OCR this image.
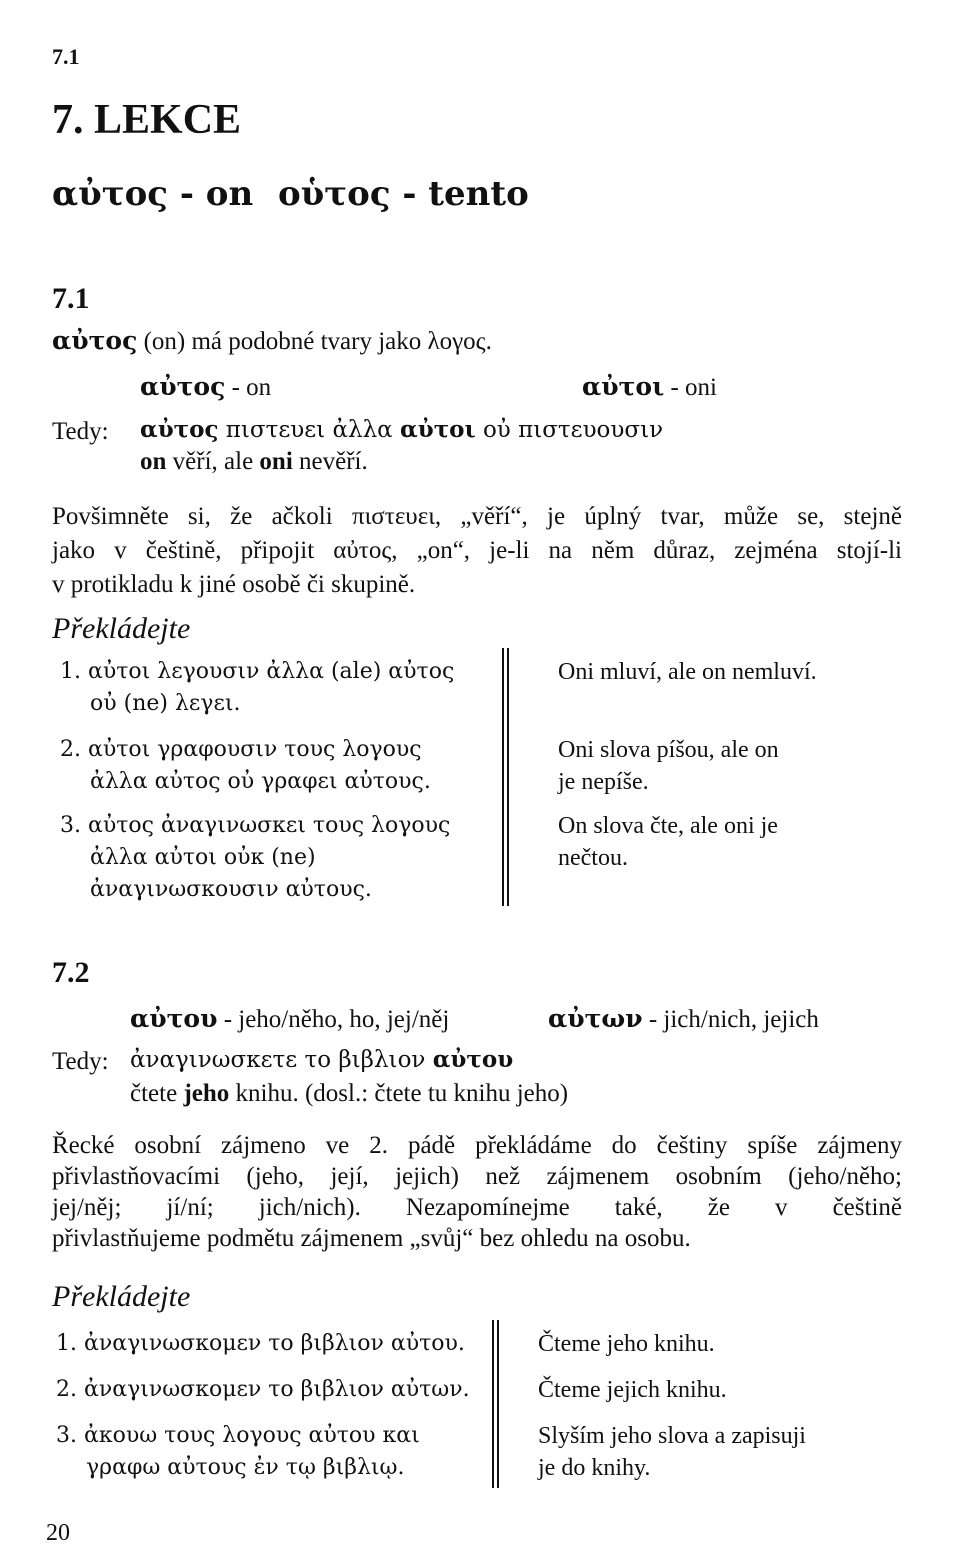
7.1
7. LEKCE
αὐτος - on οὑτος - tento
7.1
αὐτος (on) má podobné tvary jako λογος.
αὐτος - on	αὐτοι - oni
Tedy: αὐτος πιστευει ἀλλα αὐτοι οὐ πιστευουσιν
on věří, ale oni nevěří.
Povšimněte si, že ačkoli πιστευει, „věří“, je úplný tvar, může se, stejně
jako v češtině, připojit αὐτος, „on“, je-li na něm důraz, zejména stojí-li
v protikladu k jiné osobě či skupině.
Překládejte
1. αὐτοι λεγουσιν ἀλλα (ale) αὐτος
οὐ (ne) λεγει.
2. αὐτοι γραφουσιν τους λογους
ἀλλα αὐτος οὐ γραφει αὐτους.
3. αὐτος ἀναγινωσκει τους λογους
ἀλλα αὐτοι οὐκ (ne)
ἀναγινωσκουσιν αὐτους.
Oni mluví, ale on nemluví.
Oni slova píšou, ale on
je nepíše.
On slova čte, ale oni je
nečtou.
7.2
αὐτου - jeho/něho, ho, jej/něj	αὐτων - jich/nich, jejich
Tedy: ἀναγινωσκετε το βιβλιον αὐτου
čtete jeho knihu. (dosl.: čtete tu knihu jeho)
Řecké osobní zájmeno ve 2. pádě překládáme do češtiny spíše zájmeny
přivlastňovacími (jeho, její, jejich) než zájmenem osobním (jeho/něho;
jej/něj; jí/ní; jich/nich). Nezapomínejme také, že v češtině
přivlastňujeme podmětu zájmenem „svůj“ bez ohledu na osobu.
Překládejte
1. ἀναγινωσκομεν το βιβλιον αὐτου.
2. ἀναγινωσκομεν το βιβλιον αὐτων.
3. ἀκουω τους λογους αὐτου και
γραφω αὐτους ἐν τῳ βιβλιῳ.
Čteme jeho knihu.
Čteme jejich knihu.
Slyším jeho slova a zapisuji
je do knihy.
20
